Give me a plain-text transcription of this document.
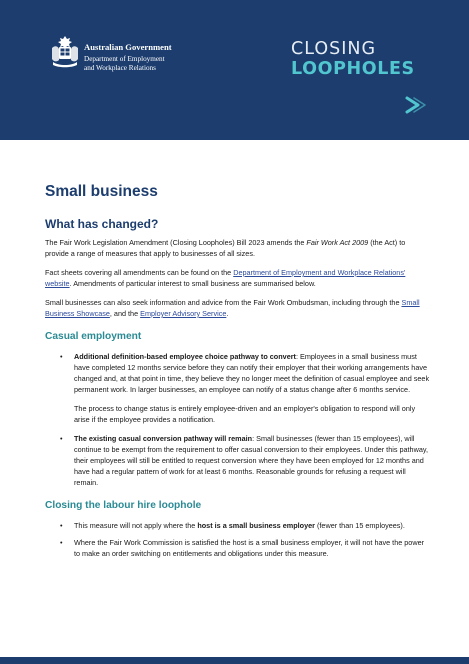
Australian Government
Department of Employment
and Workplace Relations
CLOSING
LOOPHOLES
Small business
What has changed?

The Fair Work Legislation Amendment (Closing Loopholes) Bill 2023 amends the Fair Work Act 2009 (the Act) to provide a range of measures that apply to businesses of all sizes.

Fact sheets covering all amendments can be found on the Department of Employment and Workplace Relations' website. Amendments of particular interest to small business are summarised below.

Small businesses can also seek information and advice from the Fair Work Ombudsman, including through the Small Business Showcase, and the Employer Advisory Service.

Casual employment
• Additional definition-based employee choice pathway to convert: Employees in a small business must have completed 12 months service before they can notify their employer that their working arrangements have changed and, at that point in time, they believe they no longer meet the definition of casual employee and seek permanent work. In larger businesses, an employee can notify of a status change after 6 months service.
The process to change status is entirely employee-driven and an employer's obligation to respond will only arise if the employee provides a notification.
• The existing casual conversion pathway will remain: Small businesses (fewer than 15 employees), will continue to be exempt from the requirement to offer casual conversion to their employees. Under this pathway, their employees will still be entitled to request conversion where they have been employed for 12 months and have had a regular pattern of work for at least 6 months. Reasonable grounds for refusing a request will remain.
Closing the labour hire loophole
• This measure will not apply where the host is a small business employer (fewer than 15 employees).
• Where the Fair Work Commission is satisfied the host is a small business employer, it will not have the power to make an order switching on entitlements and obligations under this measure.
